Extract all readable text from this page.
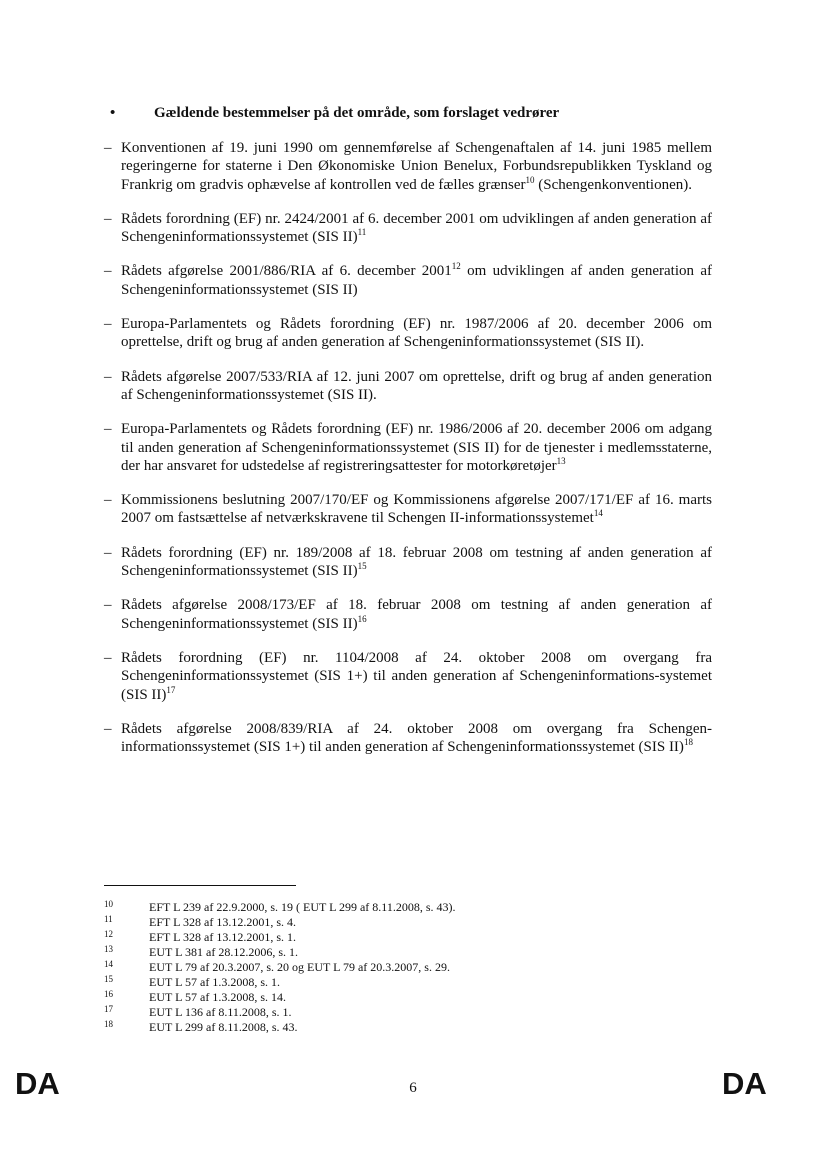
•	Gældende bestemmelser på det område, som forslaget vedrører
– Konventionen af 19. juni 1990 om gennemførelse af Schengenaftalen af 14. juni 1985 mellem regeringerne for staterne i Den Økonomiske Union Benelux, Forbundsrepublikken Tyskland og Frankrig om gradvis ophævelse af kontrollen ved de fælles grænser$^{10}$ (Schengenkonventionen).
– Rådets forordning (EF) nr. 2424/2001 af 6. december 2001 om udviklingen af anden generation af Schengeninformationssystemet (SIS II)$^{11}$
– Rådets afgørelse 2001/886/RIA af 6. december 2001$^{12}$ om udviklingen af anden generation af Schengeninformationssystemet (SIS II)
– Europa-Parlamentets og Rådets forordning (EF) nr. 1987/2006 af 20. december 2006 om oprettelse, drift og brug af anden generation af Schengeninformationssystemet (SIS II).
– Rådets afgørelse 2007/533/RIA af 12. juni 2007 om oprettelse, drift og brug af anden generation af Schengeninformationssystemet (SIS II).
– Europa-Parlamentets og Rådets forordning (EF) nr. 1986/2006 af 20. december 2006 om adgang til anden generation af Schengeninformationssystemet (SIS II) for de tjenester i medlemsstaterne, der har ansvaret for udstedelse af registreringsattester for motorkøretøjer$^{13}$
– Kommissionens beslutning 2007/170/EF og Kommissionens afgørelse 2007/171/EF af 16. marts 2007 om fastsættelse af netværkskravene til Schengen II-informationssystemet$^{14}$
– Rådets forordning (EF) nr. 189/2008 af 18. februar 2008 om testning af anden generation af Schengeninformationssystemet (SIS II)$^{15}$
– Rådets afgørelse 2008/173/EF af 18. februar 2008 om testning af anden generation af Schengeninformationssystemet (SIS II)$^{16}$
– Rådets forordning (EF) nr. 1104/2008 af 24. oktober 2008 om overgang fra Schengeninformationssystemet (SIS 1+) til anden generation af Schengeninformations-systemet (SIS II)$^{17}$
– Rådets afgørelse 2008/839/RIA af 24. oktober 2008 om overgang fra Schengen-informationssystemet (SIS 1+) til anden generation af Schengeninformationssystemet (SIS II)$^{18}$
10	EFT L 239 af 22.9.2000, s. 19 ( EUT L 299 af 8.11.2008, s. 43).
11	EFT L 328 af 13.12.2001, s. 4.
12	EFT L 328 af 13.12.2001, s. 1.
13	EUT L 381 af 28.12.2006, s. 1.
14	EUT L 79 af 20.3.2007, s. 20 og EUT L 79 af 20.3.2007, s. 29.
15	EUT L 57 af 1.3.2008, s. 1.
16	EUT L 57 af 1.3.2008, s. 14.
17	EUT L 136 af 8.11.2008, s. 1.
18	EUT L 299 af 8.11.2008, s. 43.
DA	6	DA
